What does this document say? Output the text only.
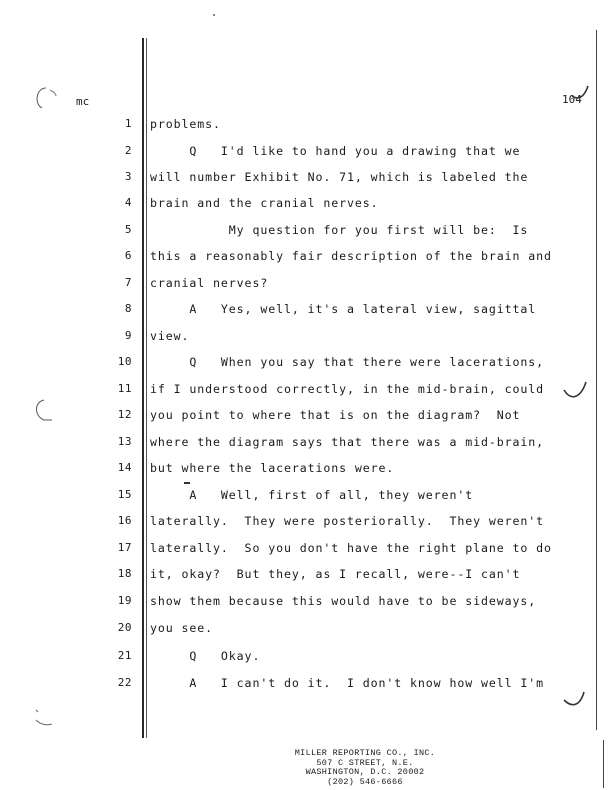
mc	104
1
2
3
4
5
6
7
8
9
10
11
12
13
14
15
16
17
18
19
20
21
22
problems.
Q   I'd like to hand you a drawing that we
will number Exhibit No. 71, which is labeled the
brain and the cranial nerves.
My question for you first will be:  Is
this a reasonably fair description of the brain and
cranial nerves?
A   Yes, well, it's a lateral view, sagittal
view.
Q   When you say that there were lacerations,
if I understood correctly, in the mid-brain, could
you point to where that is on the diagram?  Not
where the diagram says that there was a mid-brain,
but where the lacerations were.
A   Well, first of all, they weren't
laterally.  They were posteriorally.  They weren't
laterally.  So you don't have the right plane to do
it, okay?  But they, as I recall, were--I can't
show them because this would have to be sideways,
you see.
Q   Okay.
A   I can't do it.  I don't know how well I'm
MILLER REPORTING CO., INC.
507 C STREET, N.E.
WASHINGTON, D.C. 20002
(202) 546-6666
